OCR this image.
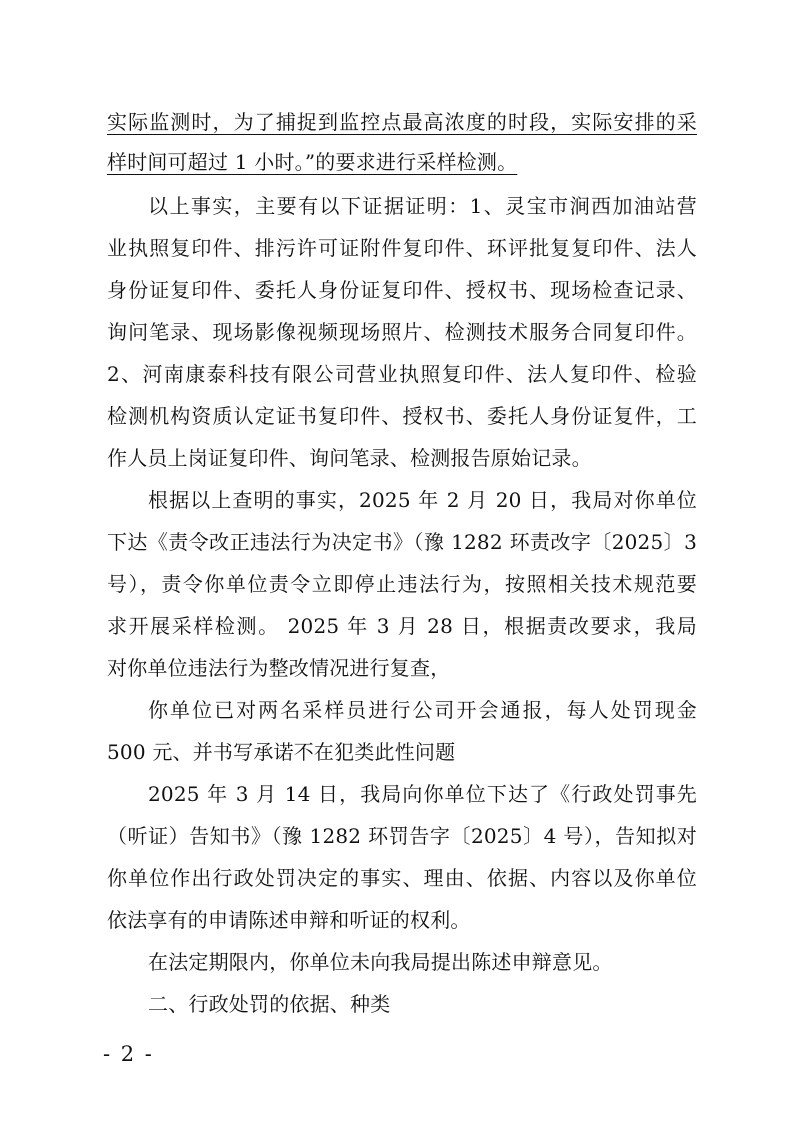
实际监测时，为了捕捉到监控点最高浓度的时段，实际安排的采
样时间可超过 1 小时。”的要求进行采样检测。
以上事实，主要有以下证据证明：1、灵宝市涧西加油站营
业执照复印件、排污许可证附件复印件、环评批复复印件、法人
身份证复印件、委托人身份证复印件、授权书、现场检查记录、
询问笔录、现场影像视频现场照片、检测技术服务合同复印件。
2、河南康泰科技有限公司营业执照复印件、法人复印件、检验
检测机构资质认定证书复印件、授权书、委托人身份证复件，工
作人员上岗证复印件、询问笔录、检测报告原始记录。
根据以上查明的事实，2025 年 2 月 20 日，我局对你单位
下达《责令改正违法行为决定书》（豫 1282 环责改字〔2025〕3
号），责令你单位责令立即停止违法行为，按照相关技术规范要
求开展采样检测。 2025 年 3 月 28 日，根据责改要求，我局
对你单位违法行为整改情况进行复查，
你单位已对两名采样员进行公司开会通报，每人处罚现金
500 元、并书写承诺不在犯类此性问题
2025 年 3 月 14 日，我局向你单位下达了《行政处罚事先
（听证）告知书》（豫 1282 环罚告字〔2025〕4 号），告知拟对
你单位作出行政处罚决定的事实、理由、依据、内容以及你单位
依法享有的申请陈述申辩和听证的权利。
在法定期限内，你单位未向我局提出陈述申辩意见。
二、行政处罚的依据、种类
- 2 -
